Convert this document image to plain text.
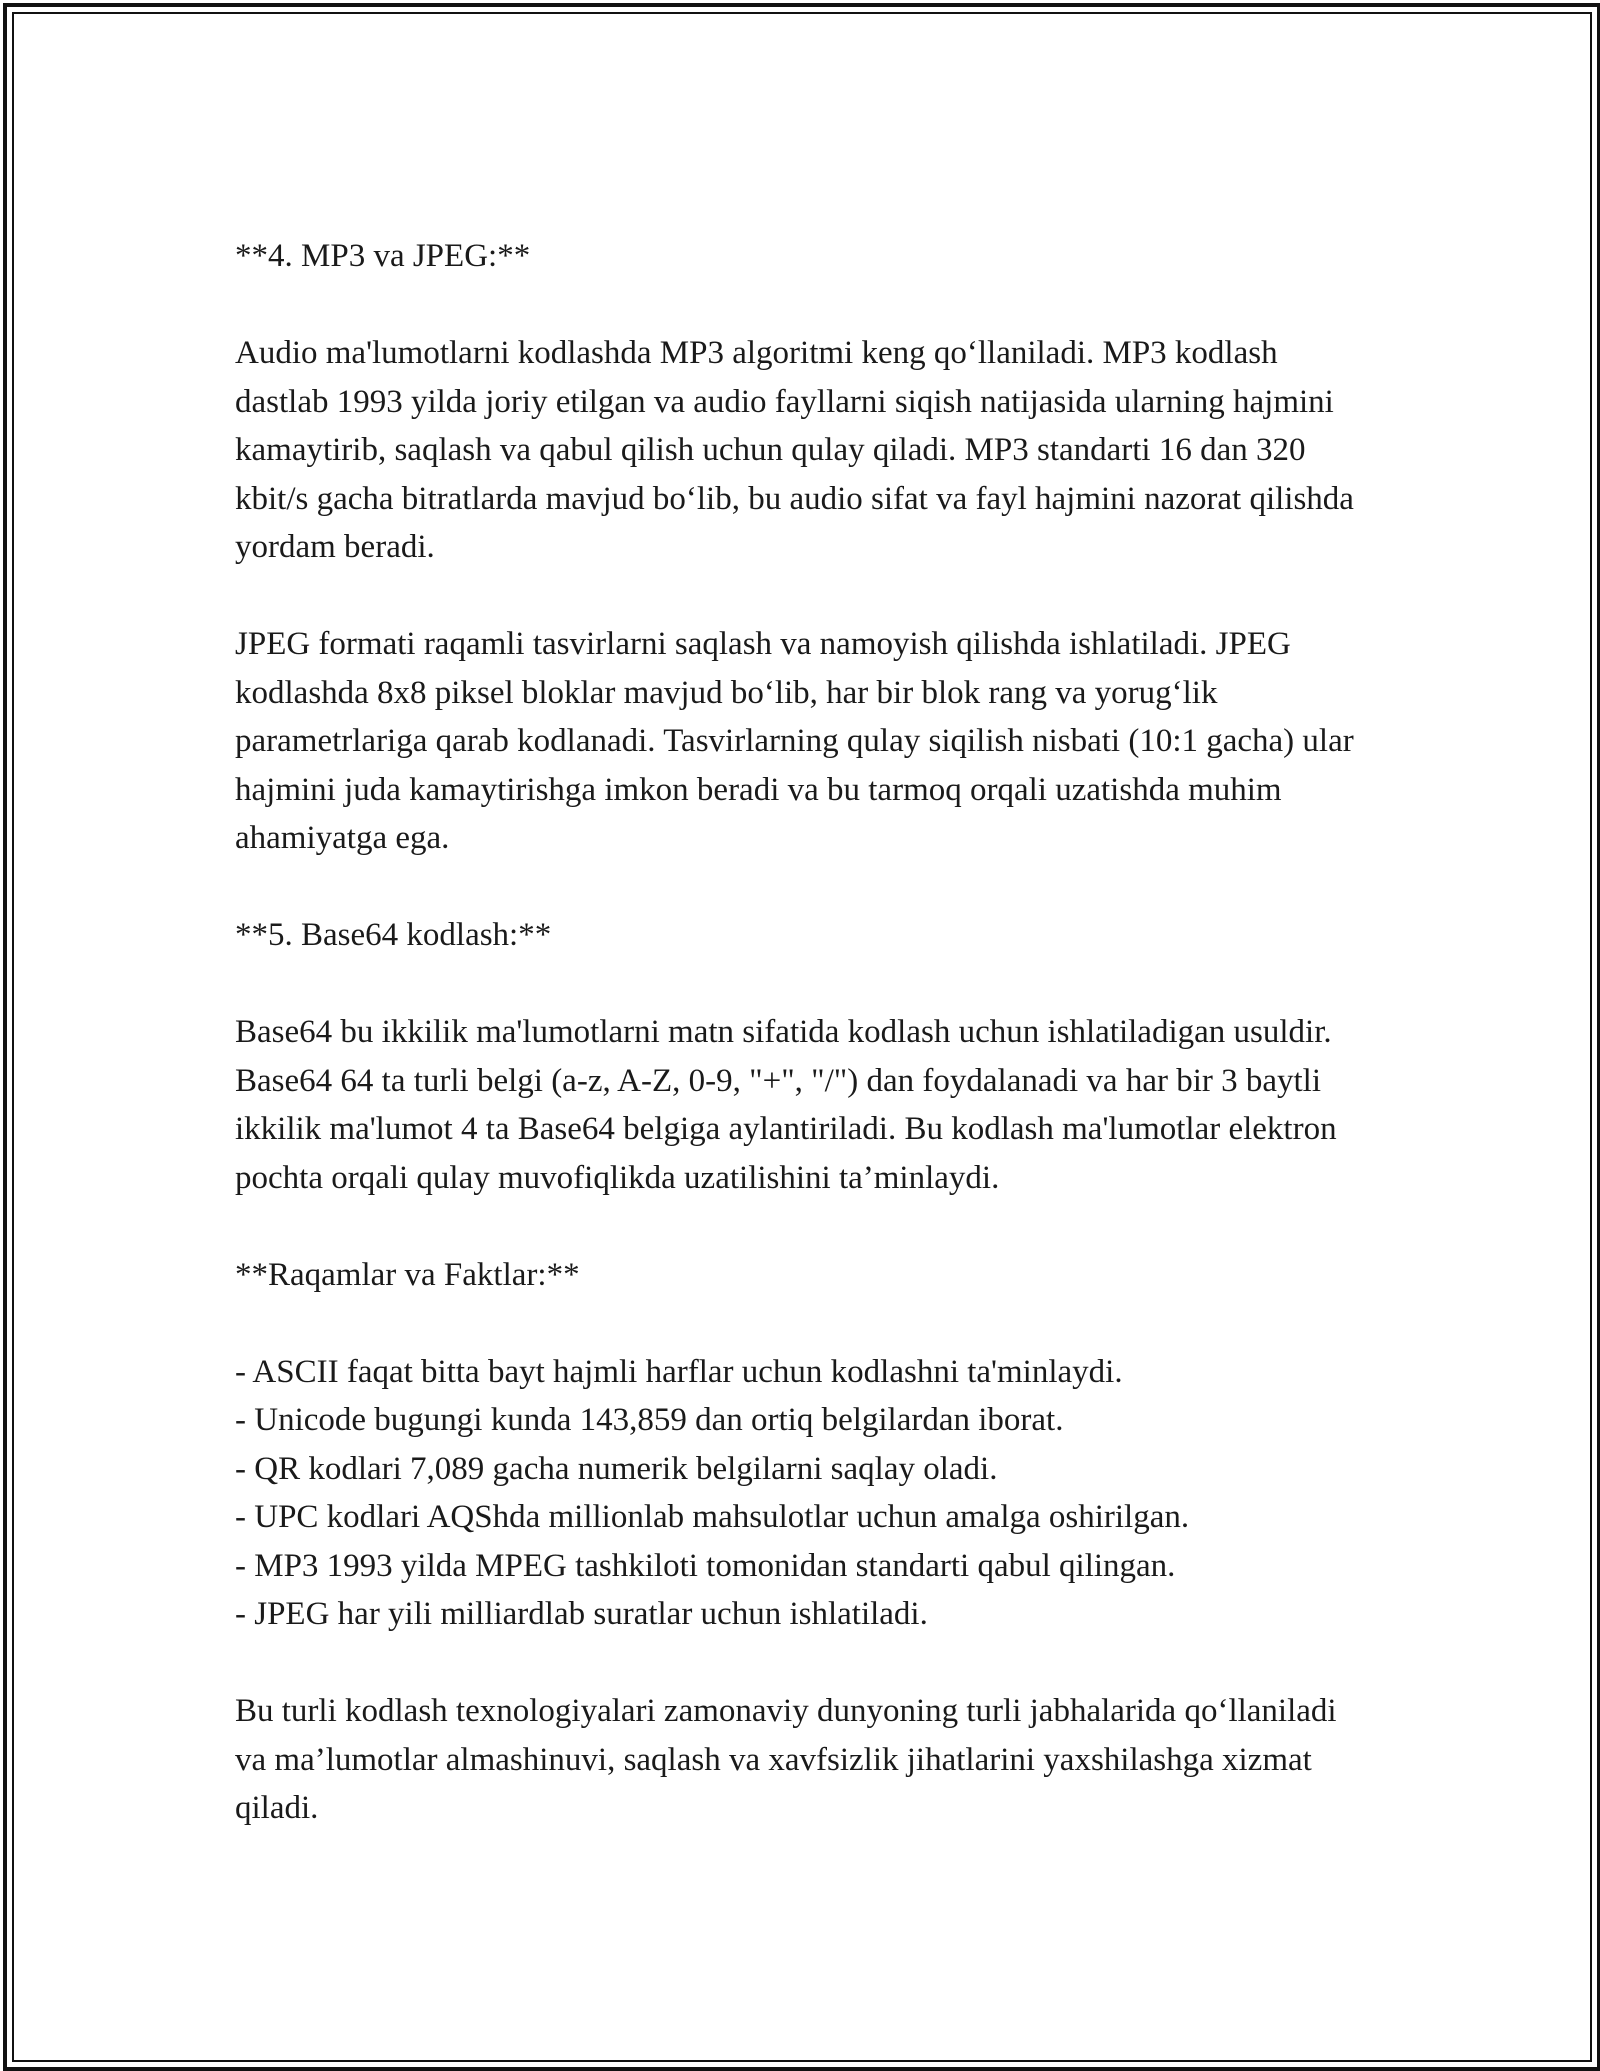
**4. MP3 va JPEG:**

Audio ma'lumotlarni kodlashda MP3 algoritmi keng qo‘llaniladi. MP3 kodlash dastlab 1993 yilda joriy etilgan va audio fayllarni siqish natijasida ularning hajmini kamaytirib, saqlash va qabul qilish uchun qulay qiladi. MP3 standarti 16 dan 320 kbit/s gacha bitratlarda mavjud bo‘lib, bu audio sifat va fayl hajmini nazorat qilishda yordam beradi.

JPEG formati raqamli tasvirlarni saqlash va namoyish qilishda ishlatiladi. JPEG kodlashda 8x8 piksel bloklar mavjud bo‘lib, har bir blok rang va yorug‘lik parametrlariga qarab kodlanadi. Tasvirlarning qulay siqilish nisbati (10:1 gacha) ular hajmini juda kamaytirishga imkon beradi va bu tarmoq orqali uzatishda muhim ahamiyatga ega.

**5. Base64 kodlash:**

Base64 bu ikkilik ma'lumotlarni matn sifatida kodlash uchun ishlatiladigan usuldir. Base64 64 ta turli belgi (a-z, A-Z, 0-9, "+", "/") dan foydalanadi va har bir 3 baytli ikkilik ma'lumot 4 ta Base64 belgiga aylantiriladi. Bu kodlash ma'lumotlar elektron pochta orqali qulay muvofiqlikda uzatilishini ta’minlaydi.

**Raqamlar va Faktlar:**

- ASCII faqat bitta bayt hajmli harflar uchun kodlashni ta'minlaydi.
- Unicode bugungi kunda 143,859 dan ortiq belgilardan iborat.
- QR kodlari 7,089 gacha numerik belgilarni saqlay oladi.
- UPC kodlari AQShda millionlab mahsulotlar uchun amalga oshirilgan.
- MP3 1993 yilda MPEG tashkiloti tomonidan standarti qabul qilingan.
- JPEG har yili milliardlab suratlar uchun ishlatiladi.

Bu turli kodlash texnologiyalari zamonaviy dunyoning turli jabhalarida qo‘llaniladi va ma’lumotlar almashinuvi, saqlash va xavfsizlik jihatlarini yaxshilashga xizmat qiladi.
